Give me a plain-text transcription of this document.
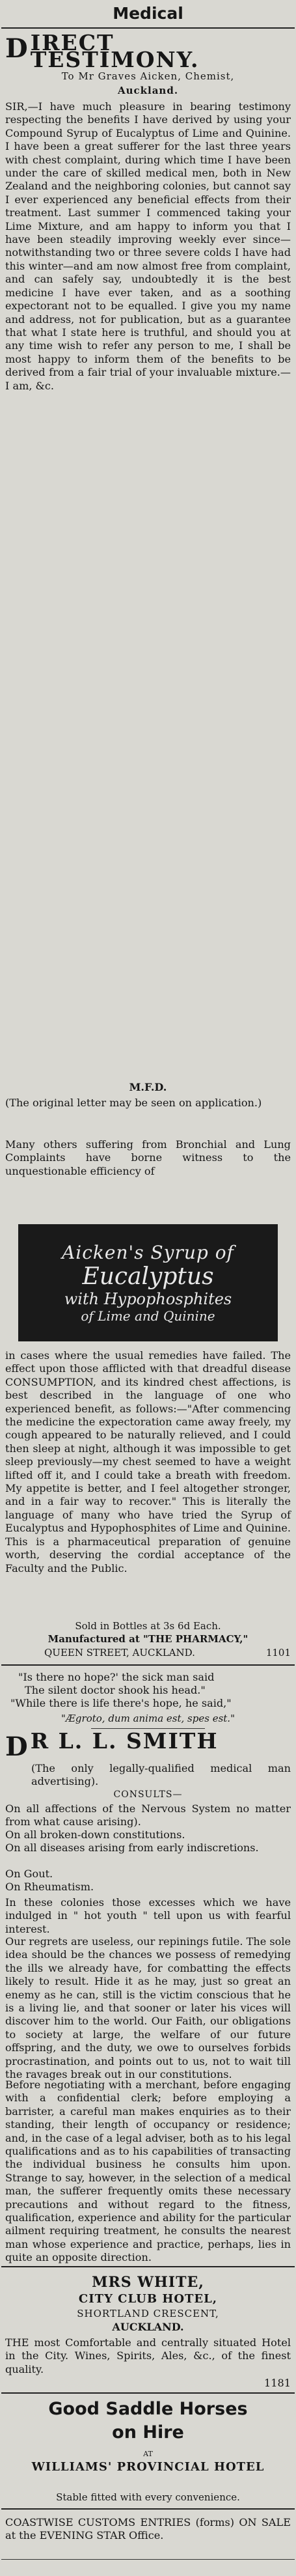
Medical
D IRECT TESTIMONY.
To Mr Graves Aicken, Chemist,
Auckland.
SIR,—I have much pleasure in bearing testimony respecting the benefits I have derived by using your Compound Syrup of Eucalyptus of Lime and Quinine. I have been a great sufferer for the last three years with chest complaint, during which time I have been under the care of skilled medical men, both in New Zealand and the neighboring colonies, but cannot say I ever experienced any beneficial effects from their treatment. Last summer I commenced taking your Lime Mixture, and am happy to inform you that I have been steadily improving weekly ever since—notwithstanding two or three severe colds I have had this winter—and am now almost free from complaint, and can safely say, undoubtedly it is the best medicine I have ever taken, and as a soothing expectorant not to be equalled. I give you my name and address, not for publication, but as a guarantee that what I state here is truthful, and should you at any time wish to refer any person to me, I shall be most happy to inform them of the benefits to be derived from a fair trial of your invaluable mixture.—I am, &c.
M.F.D.
(The original letter may be seen on application.)
Many others suffering from Bronchial and Lung Complaints have borne witness to the unquestionable efficiency of
Aicken's Syrup of
Eucalyptus
with Hypophosphites
of Lime and Quinine
in cases where the usual remedies have failed. The effect upon those afflicted with that dreadful disease CONSUMPTION, and its kindred chest affections, is best described in the language of one who experienced benefit, as follows:—"After commencing the medicine the expectoration came away freely, my cough appeared to be naturally relieved, and I could then sleep at night, although it was impossible to get sleep previously—my chest seemed to have a weight lifted off it, and I could take a breath with freedom. My appetite is better, and I feel altogether stronger, and in a fair way to recover." This is literally the language of many who have tried the Syrup of Eucalyptus and Hypophosphites of Lime and Quinine. This is a pharmaceutical preparation of genuine worth, deserving the cordial acceptance of the Faculty and the Public.
Sold in Bottles at 3s 6d Each.
Manufactured at "THE PHARMACY,"
QUEEN STREET, AUCKLAND.	1101
"Is there no hope?' the sick man said
The silent doctor shook his head."
"While there is life there's hope, he said,"
"Ægroto, dum anima est, spes est."
D R L. L. SMITH
(The only legally-qualified medical man advertising).
CONSULTS—
On all affections of the Nervous System no matter from what cause arising).
On all broken-down constitutions.
On all diseases arising from early indiscretions.
On Gout.
On Rheumatism.
In these colonies those excesses which we have indulged in " hot youth " tell upon us with fearful interest.
Our regrets are useless, our repinings futile. The sole idea should be the chances we possess of remedying the ills we already have, for combatting the effects likely to result. Hide it as he may, just so great an enemy as he can, still is the victim conscious that he is a living lie, and that sooner or later his vices will discover him to the world. Our Faith, our obligations to society at large, the welfare of our future offspring, and the duty, we owe to ourselves forbids procrastination, and points out to us, not to wait till the ravages break out in our constitutions.
Before negotiating with a merchant, before engaging with a confidential clerk; before employing a barrister, a careful man makes enquiries as to their standing, their length of occupancy or residence; and, in the case of a legal adviser, both as to his legal qualifications and as to his capabilities of transacting the individual business he consults him upon. Strange to say, however, in the selection of a medical man, the sufferer frequently omits these necessary precautions and without regard to the fitness, qualification, experience and ability for the particular ailment requiring treatment, he consults the nearest man whose experience and practice, perhaps, lies in quite an opposite direction.
MRS WHITE,
CITY CLUB HOTEL,
SHORTLAND CRESCENT,
AUCKLAND.
THE most Comfortable and centrally situated Hotel in the City. Wines, Spirits, Ales, &c., of the finest quality.
1181
Good Saddle Horses
on Hire
AT
WILLIAMS' PROVINCIAL HOTEL
Stable fitted with every convenience.
COASTWISE CUSTOMS ENTRIES (forms) ON SALE at the EVENING STAR Office.
